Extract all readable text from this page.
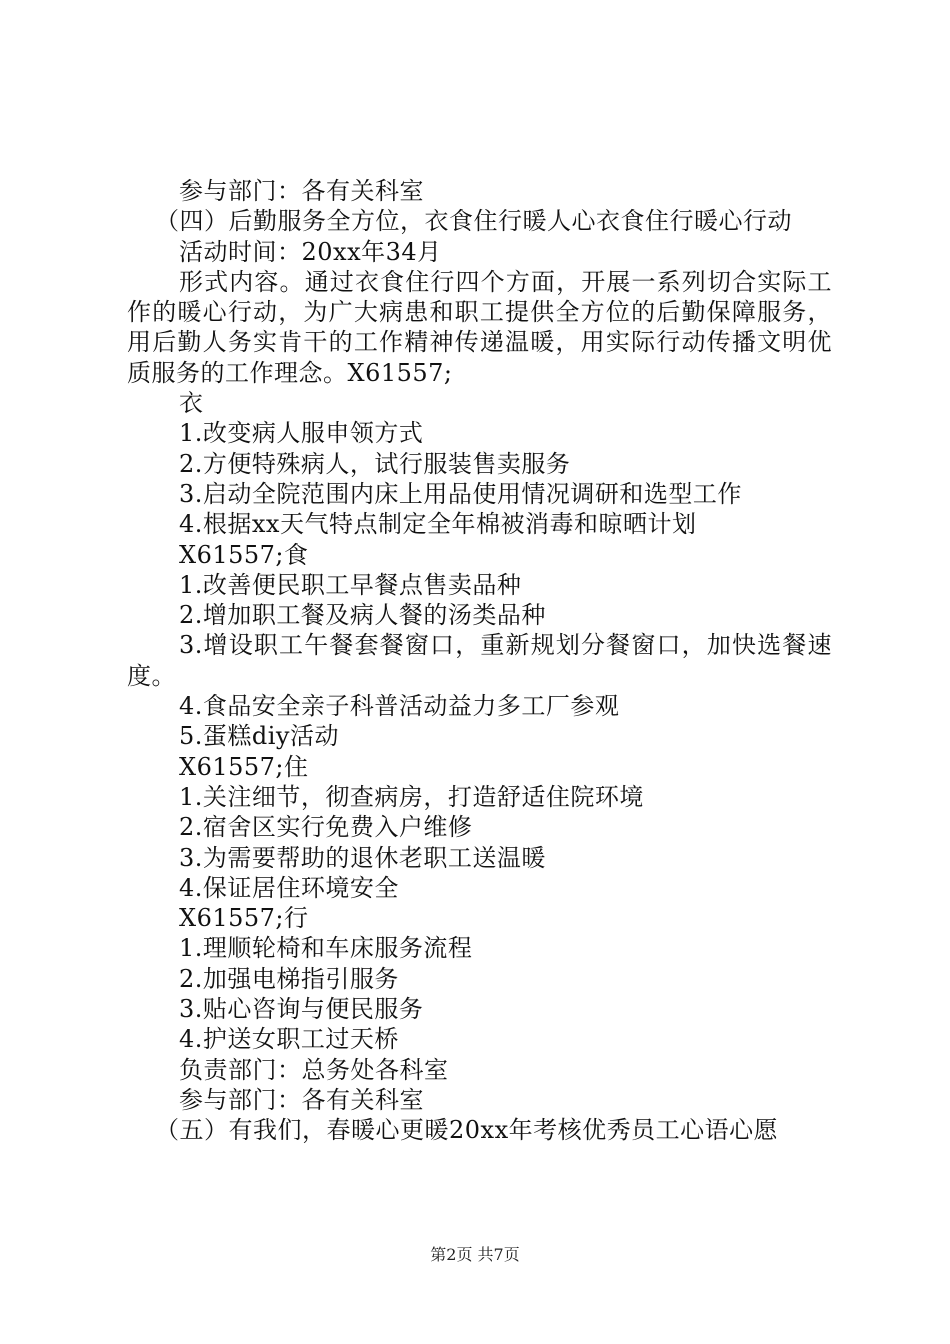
参与部门：各有关科室

（四）后勤服务全方位，衣食住行暖人心衣食住行暖心行动

活动时间：20xx年34月

形式内容。通过衣食住行四个方面，开展一系列切合实际工作的暖心行动，为广大病患和职工提供全方位的后勤保障服务，用后勤人务实肯干的工作精神传递温暖，用实际行动传播文明优质服务的工作理念。X61557;

衣

1.改变病人服申领方式

2.方便特殊病人，试行服装售卖服务

3.启动全院范围内床上用品使用情况调研和选型工作

4.根据xx天气特点制定全年棉被消毒和晾晒计划

X61557;食

1.改善便民职工早餐点售卖品种

2.增加职工餐及病人餐的汤类品种

3.增设职工午餐套餐窗口，重新规划分餐窗口，加快选餐速度。

4.食品安全亲子科普活动益力多工厂参观

5.蛋糕diy活动

X61557;住

1.关注细节，彻查病房，打造舒适住院环境

2.宿舍区实行免费入户维修

3.为需要帮助的退休老职工送温暖

4.保证居住环境安全

X61557;行

1.理顺轮椅和车床服务流程

2.加强电梯指引服务

3.贴心咨询与便民服务

4.护送女职工过天桥

负责部门：总务处各科室

参与部门：各有关科室

（五）有我们，春暖心更暖20xx年考核优秀员工心语心愿

第2页 共7页
